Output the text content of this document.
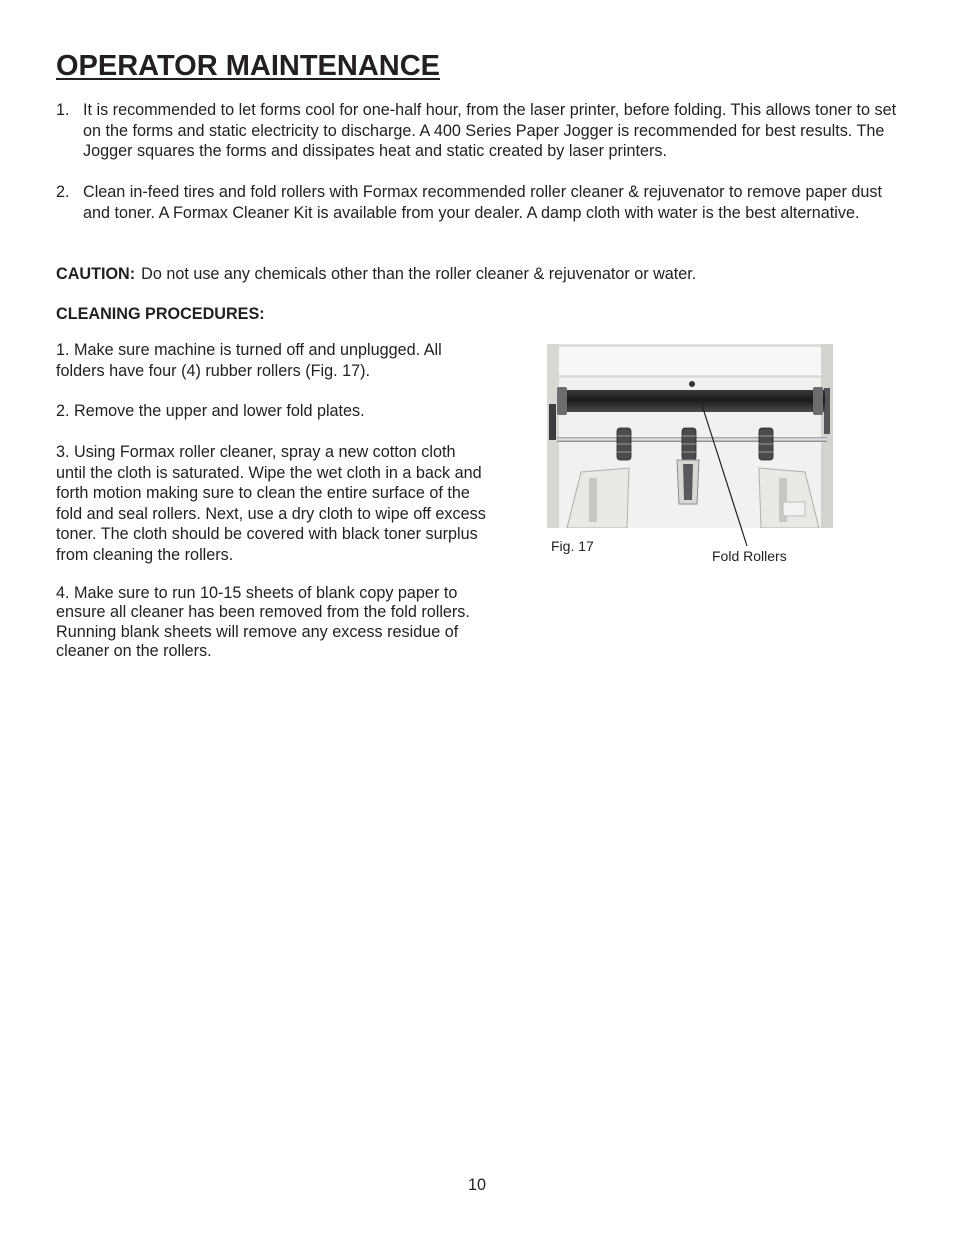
OPERATOR MAINTENANCE
1. It is recommended to let forms cool for one-half hour, from the laser printer, before folding. This allows toner to set on the forms and static electricity to discharge. A 400 Series Paper Jogger is recommended for best results. The Jogger squares the forms and dissipates heat and static created by laser printers.
2. Clean in-feed tires and fold rollers with Formax recommended roller cleaner & rejuvenator to remove paper dust and toner. A Formax Cleaner Kit is available from your dealer. A damp cloth with water is the best alternative.
CAUTION: Do not use any chemicals other than the roller cleaner & rejuvenator or water.
CLEANING PROCEDURES:
1. Make sure machine is turned off and unplugged. All folders have four (4) rubber rollers (Fig. 17).
2. Remove the upper and lower fold plates.
3. Using Formax roller cleaner, spray a new cotton cloth until the cloth is saturated. Wipe the wet cloth in a back and forth motion making sure to clean the entire surface of the fold and seal rollers. Next, use a dry cloth to wipe off excess toner. The cloth should be covered with black toner surplus from cleaning the rollers.
4. Make sure to run 10-15 sheets of blank copy paper to ensure all cleaner has been removed from the fold rollers. Running blank sheets will remove any excess residue of cleaner on the rollers.
Fig. 17
Fold Rollers
10
